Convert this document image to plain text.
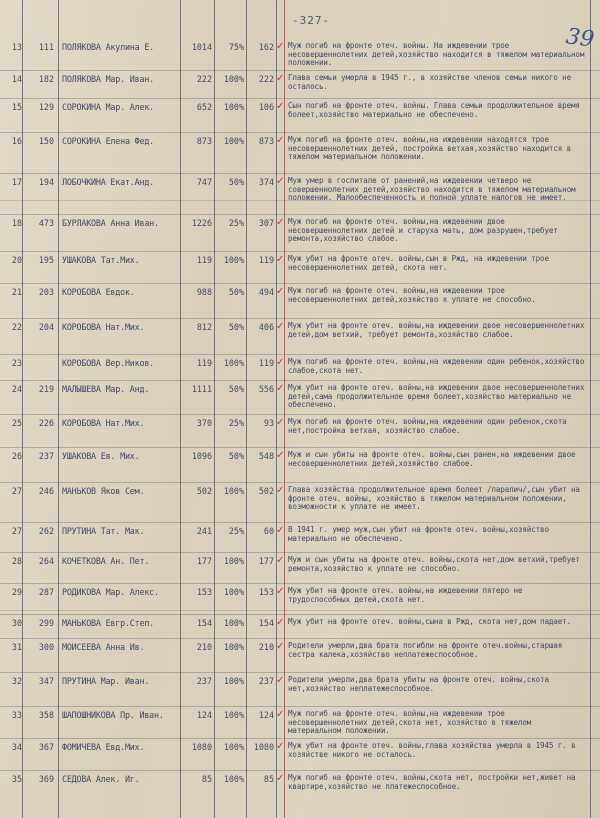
-327-
39
13	111 ПОЛЯКОВА Акулина Е.	1014	75%	162 ✓ Муж погиб на фронте отеч. войны. На иждевении трое несовершеннолетних детей,хозяйство находится в тяжелом материальном положении.
14	182 ПОЛЯКОВА Мар. Иван.	222	100%	222 ✓ Глава семьи умерла в 1945 г., в хозяйстве членов семьи никого не осталось.
15	129 СОРОКИНА Мар. Алек.	652	100%	106 ✓ Сын погиб на фронте отеч. войны. Глава семьи продолжительное время болеет,хозяйство материально не обеспечено.
16	150 СОРОКИНА Елена Фед.	873	100%	873 ✓ Муж погиб на фронте отеч. войны,на иждевении находятся трое несовершеннолетних детей, постройка ветхая,хозяйство находится в тяжелом материальном положении.
17	194 ЛОБОЧКИНА Екат.Анд.	747	50%	374 ✓ Муж умер в госпитале от ранений,на иждевении четверо не совершеннолетних детей,хозяйство находится в тяжелом материальном положении. Малообеспеченность и полной уплате налогов не имеет.
18	473 БУРЛАКОВА Анна Иван.	1226	25%	307 ✓ Муж погиб на фронте отеч. войны,на иждевении двое несовершеннолетних детей и старуха мать, дом разрушен,требует ремонта,хозяйство слабое.
20	195 УШАКОВА Тат.Мих.	119	100%	119 ✓ Муж убит на фронте отеч. войны,сын в Ржд, на иждевении трое несовершеннолетних детей, скота нет.
21	203 КОРОБОВА Евдок.	988	50%	494 ✓ Муж погиб на фронте отеч. войны,на иждевении трое несовершеннолетних детей,хозяйство к уплате не способно.
22	204 КОРОБОВА Нат.Мих.	812	50%	406 ✓ Муж убит на фронте отеч. войны,на иждевении двое несовершеннолетних детей,дом ветхий, требует ремонта,хозяйство слабое.
23	КОРОБОВА Вер.Ников.	119	100%	119 ✓ Муж погиб на фронте отеч. войны,на иждевении один ребенок,хозяйство слабое,скота нет.
24	219 МАЛЫШЕВА Мар. Анд.	1111	50%	556 ✓ Муж убит на фронте отеч. войны,на иждевении двое несовершеннолетних детей,сама продолжительное время болеет,хозяйство материально не обеспечено.
25	226 КОРОБОВА Нат.Мих.	370	25%	93 ✓ Муж погиб на фронте отеч. войны,на иждевении один ребенок,скота нет,постройка ветхая, хозяйство слабое.
26	237 УШАКОВА Ев. Мих.	1096	50%	548 ✓ Муж и сын убиты на фронте отеч. войны,сын ранен,на иждевении двое несовершеннолетних детей,хозяйство слабое.
27	246 МАНЬКОВ Яков Сем.	502	100%	502 ✓ Глава хозяйства продолжительное время болеет /паралич/,сын убит на фронте отеч. войны, хозяйство в тяжелом материальном положении, возможности к уплате не имеет.
27	262 ПРУТИНА Тат. Мак.	241	25%	60 ✓ В 1941 г. умер муж,сын убит на фронте отеч. войны,хозяйство материально не обеспечено.
28	264 КОЧЕТКОВА Ан. Пет.	177	100%	177 ✓ Муж и сын убиты на фронте отеч. войны,скота нет,дом ветхий,требует ремонта,хозяйство к уплате не способно.
29	287 РОДИКОВА Мар. Алекс.	153	100%	153 ✓ Муж убит на фронте отеч. войны,на иждевении пятеро не трудоспособных детей,скота нет.
30	299 МАНЬКОВА Евгр.Степ.	154	100%	154 ✓ Муж убит на фронте отеч. войны,сына в Ржд, скота нет,дом падает.
31	300 МОИСЕЕВА Анна Ив.	210	100%	210 ✓ Родители умерли,два брата погибли на фронте отеч.войны,старшая сестра калека,хозяйство неплатежеспособное.
32	347 ПРУТИНА Мар. Иван.	237	100%	237 ✓ Родители умерли,два брата убиты на фронте отеч. войны,скота нет,хозяйство неплатежеспособное.
33	358 ШАПОШНИКОВА Пр. Иван.	124	100%	124 ✓ Муж погиб на фронте отеч. войны,на иждевении трое несовершеннолетних детей,скота нет, хозяйство в тяжелом материальном положении.
34	367 ФОМИЧЕВА Евд.Мих.	1080	100%	1080 ✓ Муж убит на фронте отеч. войны,глава хозяйства умерла в 1945 г. в хозяйстве никого не осталось.
35	369 СЕДОВА Алек. Иг.	85	100%	85 ✓ Муж погиб на фронте отеч. войны,скота нет, постройки нет,живет на квартире,хозяйство не платежеспособное.
